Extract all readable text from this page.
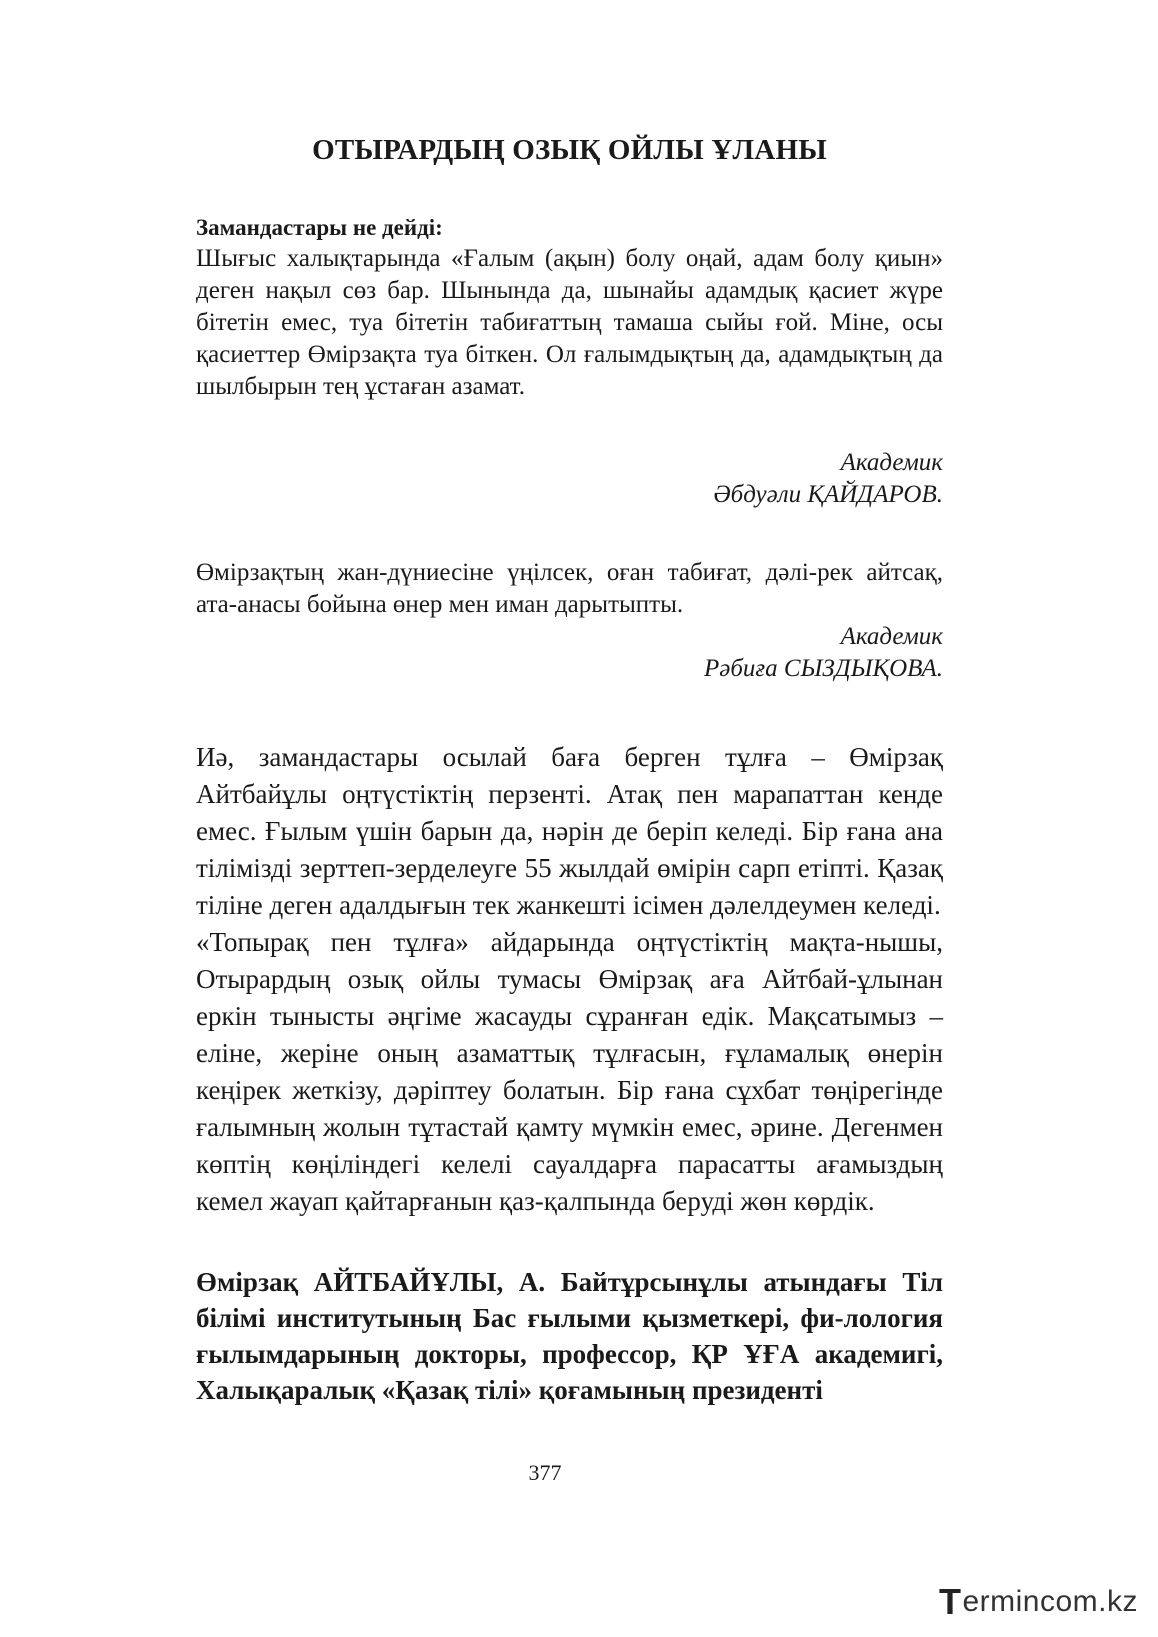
ОТЫРАРДЫҢ ОЗЫҚ ОЙЛЫ ҰЛАНЫ
Замандастары не дейді:

Шығыс халықтарында «Ғалым (ақын) болу оңай, адам болу қиын» деген нақыл сөз бар. Шынында да, шынайы адамдық қасиет жүре бітетін емес, туа бітетін табиғаттың тамаша сыйы ғой. Міне, осы қасиеттер Өмірзақта туа біткен. Ол ғалымдықтың да, адамдықтың да шылбырын тең ұстаған азамат.

Академик

Әбдуәли ҚАЙДАРОВ.

Өмірзақтың жан-дүниесіне үңілсек, оған табиғат, дәлі-рек айтсақ, ата-анасы бойына өнер мен иман дарытыпты.

Академик

Рәбиға СЫЗДЫҚОВА.

Иә, замандастары осылай баға берген тұлға – Өмірзақ Айтбайұлы оңтүстіктің перзенті. Атақ пен марапаттан кенде емес. Ғылым үшін барын да, нәрін де беріп келеді. Бір ғана ана тілімізді зерттеп-зерделеуге 55 жылдай өмірін сарп етіпті. Қазақ тіліне деген адалдығын тек жанкешті ісімен дәлелдеумен келеді.

«Топырақ пен тұлға» айдарында оңтүстіктің мақта-нышы, Отырардың озық ойлы тумасы Өмірзақ аға Айтбай-ұлынан еркін тынысты әңгіме жасауды сұранған едік. Мақсатымыз – еліне, жеріне оның азаматтық тұлғасын, ғұламалық өнерін кеңірек жеткізу, дәріптеу болатын. Бір ғана сұхбат төңірегінде ғалымның жолын тұтастай қамту мүмкін емес, әрине. Дегенмен көптің көңіліндегі келелі сауалдарға парасатты ағамыздың кемел жауап қайтарғанын қаз-қалпында беруді жөн көрдік.

Өмірзақ АЙТБАЙҰЛЫ, А. Байтұрсынұлы атындағы Тіл білімі институтының Бас ғылыми қызметкері, фи-лология ғылымдарының докторы, профессор, ҚР ҰҒА академигі, Халықаралық «Қазақ тілі» қоғамының президенті

377
T ermincom.kz
